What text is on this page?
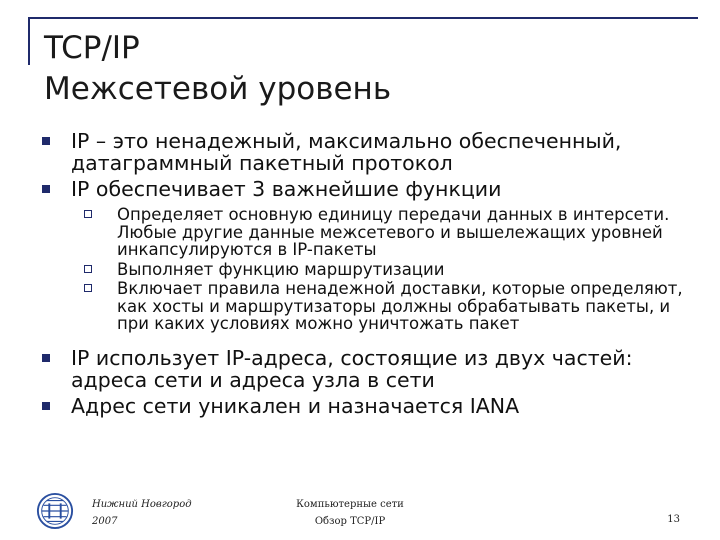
TCP/IP
Межсетевой уровень
IP – это ненадежный, максимально обеспеченный, датаграммный пакетный протокол
IP обеспечивает 3 важнейшие функции
Определяет основную единицу передачи данных в интерсети. Любые другие данные межсетевого и вышележащих уровней инкапсулируются в IP-пакеты
Выполняет функцию маршрутизации
Включает правила ненадежной доставки, которые определяют, как хосты и маршрутизаторы должны обрабатывать пакеты, и при каких условиях можно уничтожать пакет
IP использует IP-адреса, состоящие из двух частей: адреса сети и адреса узла в сети
Адрес сети уникален и назначается IANA
Нижний Новгород
2007
Компьютерные сети
Обзор TCP/IP	13
